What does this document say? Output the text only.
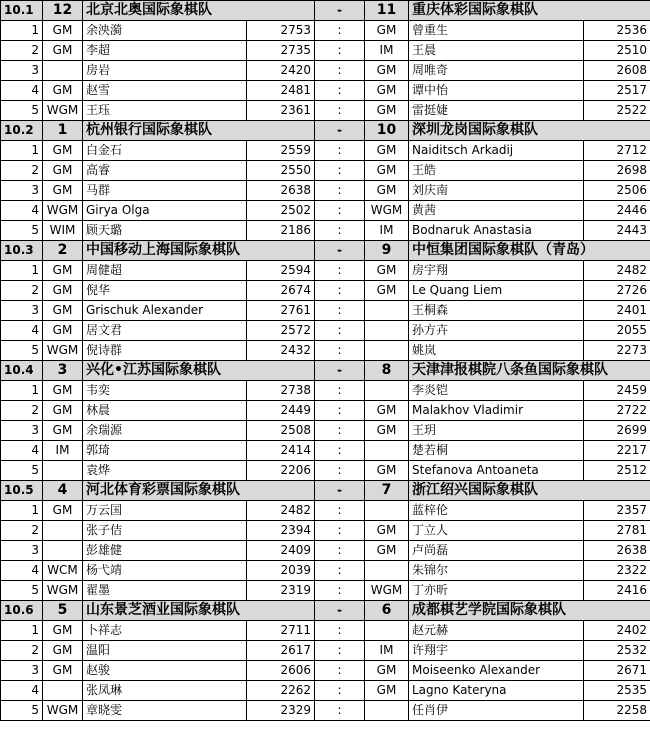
10.1	12	北京北奥国际象棋队		-	11	重庆体彩国际象棋队	
1	GM	余泱漪	2753	:	GM	曾重生	2536
2	GM	李超	2735	:	IM	王晨	2510
3		房岩	2420	:	GM	周唯奇	2608
4	GM	赵雪	2481	:	GM	谭中怡	2517
5	WGM	王珏	2361	:	GM	雷挺婕	2522
10.2	1	杭州银行国际象棋队		-	10	深圳龙岗国际象棋队	
1	GM	白金石	2559	:	GM	Naiditsch Arkadij	2712
2	GM	高睿	2550	:	GM	王皓	2698
3	GM	马群	2638	:	GM	刘庆南	2506
4	WGM	Girya Olga	2502	:	WGM	黄茜	2446
5	WIM	顾天璐	2186	:	IM	Bodnaruk Anastasia	2443
10.3	2	中国移动上海国际象棋队		-	9	中恒集团国际象棋队（青岛）	
1	GM	周健超	2594	:	GM	房宇翔	2482
2	GM	倪华	2674	:	GM	Le Quang Liem	2726
3	GM	Grischuk Alexander	2761	:		王桐森	2401
4	GM	居文君	2572	:		孙方卉	2055
5	WGM	倪诗群	2432	:		姚岚	2273
10.4	3	兴化•江苏国际象棋队		-	8	天津津报棋院八条鱼国际象棋队	
1	GM	韦奕	2738	:		李炎铠	2459
2	GM	林晨	2449	:	GM	Malakhov Vladimir	2722
3	GM	余瑞源	2508	:	GM	王玥	2699
4	IM	郭琦	2414	:		楚若桐	2217
5		袁烨	2206	:	GM	Stefanova Antoaneta	2512
10.5	4	河北体育彩票国际象棋队		-	7	浙江绍兴国际象棋队	
1	GM	万云国	2482	:		蓝梓伦	2357
2		张子佶	2394	:	GM	丁立人	2781
3		彭雄健	2409	:	GM	卢尚磊	2638
4	WCM	杨弋靖	2039	:		朱锦尔	2322
5	WGM	翟墨	2319	:	WGM	丁亦昕	2416
10.6	5	山东景芝酒业国际象棋队		-	6	成都棋艺学院国际象棋队	
1	GM	卜祥志	2711	:		赵元赫	2402
2	GM	温阳	2617	:	IM	许翔宇	2532
3	GM	赵骏	2606	:	GM	Moiseenko Alexander	2671
4		张凤琳	2262	:	GM	Lagno Kateryna	2535
5	WGM	章晓雯	2329	:		任肖伊	2258
